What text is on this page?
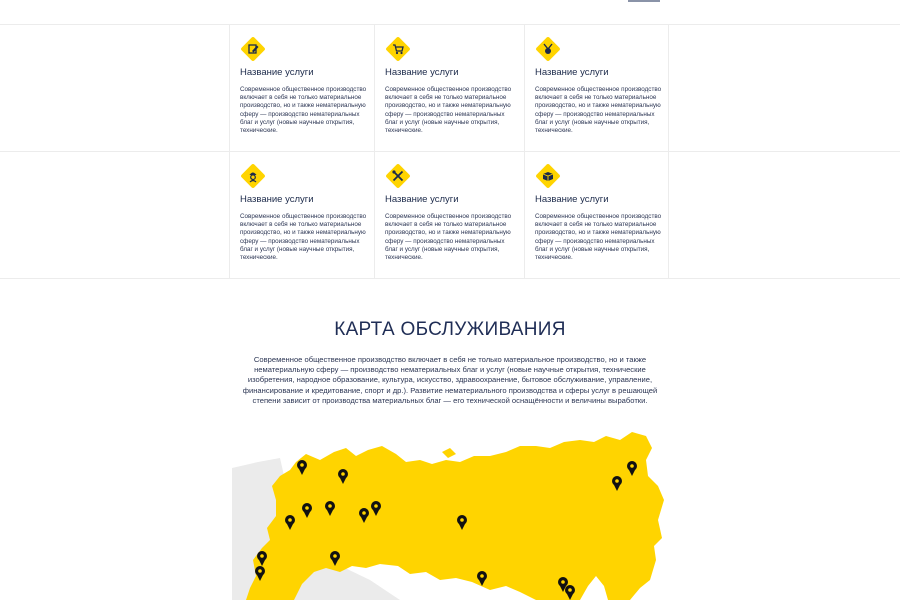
Название услуги
Современное общественное производство включает в себя не только материальное производство, но и также нематериальную сферу — производство нематериальных благ и услуг (новые научные открытия, технические.
Название услуги
Современное общественное производство включает в себя не только материальное производство, но и также нематериальную сферу — производство нематериальных благ и услуг (новые научные открытия, технические.
Название услуги
Современное общественное производство включает в себя не только материальное производство, но и также нематериальную сферу — производство нематериальных благ и услуг (новые научные открытия, технические.
Название услуги
Современное общественное производство включает в себя не только материальное производство, но и также нематериальную сферу — производство нематериальных благ и услуг (новые научные открытия, технические.
Название услуги
Современное общественное производство включает в себя не только материальное производство, но и также нематериальную сферу — производство нематериальных благ и услуг (новые научные открытия, технические.
Название услуги
Современное общественное производство включает в себя не только материальное производство, но и также нематериальную сферу — производство нематериальных благ и услуг (новые научные открытия, технические.
КАРТА ОБСЛУЖИВАНИЯ
Современное общественное производство включает в себя не только материальное производство, но и также нематериальную сферу — производство нематериальных благ и услуг (новые научные открытия, технические изобретения, народное образование, культура, искусство, здравоохранение, бытовое обслуживание, управление, финансирование и кредитование, спорт и др.). Развитие нематериального производства и сферы услуг в решающей степени зависит от производства материальных благ — его технической оснащённости и величины выработки.
